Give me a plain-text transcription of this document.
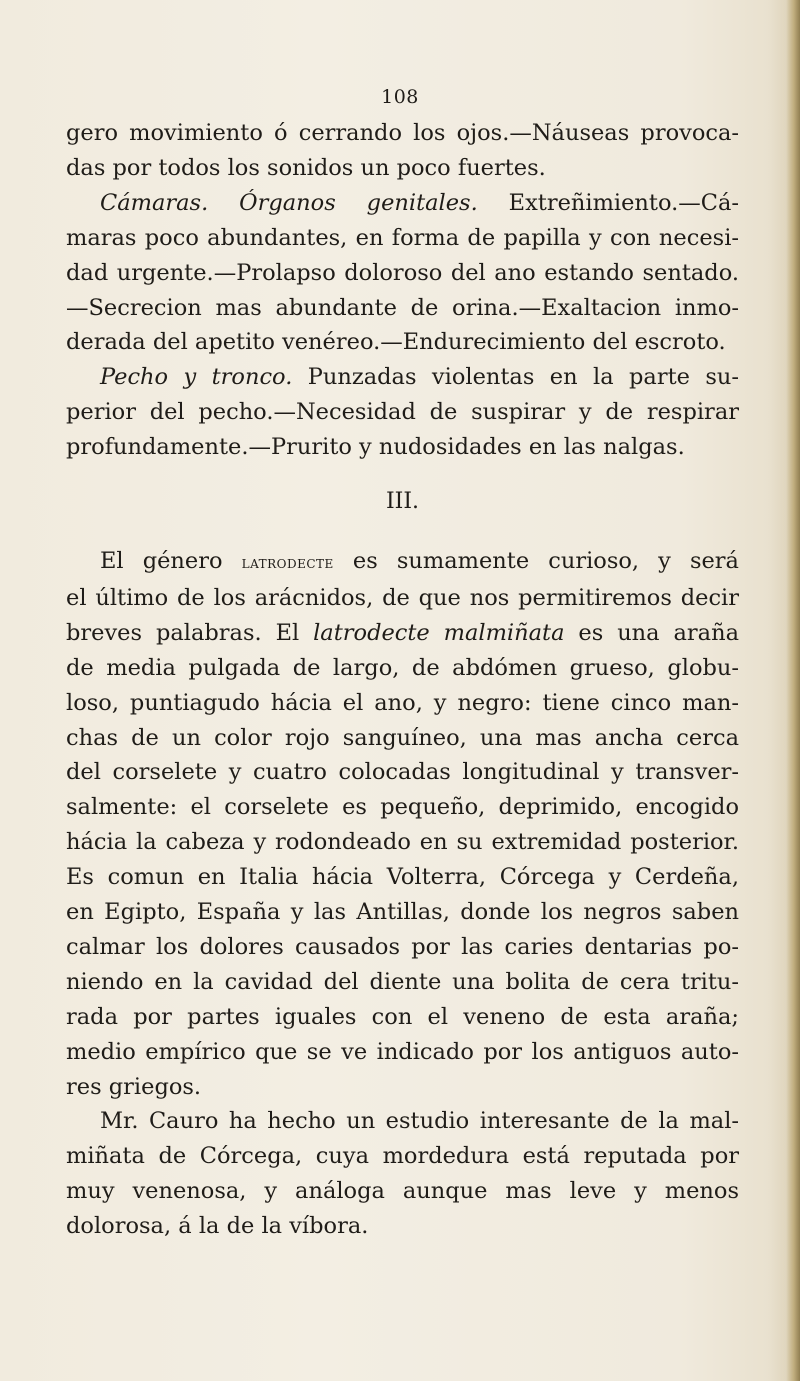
108
gero movimiento ó cerrando los ojos.—Náuseas provoca-
das por todos los sonidos un poco fuertes.
Cámaras. Órganos genitales. Extreñimiento.—Cá-
maras poco abundantes, en forma de papilla y con necesi-
dad urgente.—Prolapso doloroso del ano estando sentado.
—Secrecion mas abundante de orina.—Exaltacion inmo-
derada del apetito venéreo.—Endurecimiento del escroto.
Pecho y tronco. Punzadas violentas en la parte su-
perior del pecho.—Necesidad de suspirar y de respirar
profundamente.—Prurito y nudosidades en las nalgas.
III.
El género latrodecte es sumamente curioso, y será
el último de los arácnidos, de que nos permitiremos decir
breves palabras. El latrodecte malmiñata es una araña
de media pulgada de largo, de abdómen grueso, globu-
loso, puntiagudo hácia el ano, y negro: tiene cinco man-
chas de un color rojo sanguíneo, una mas ancha cerca
del corselete y cuatro colocadas longitudinal y transver-
salmente: el corselete es pequeño, deprimido, encogido
hácia la cabeza y rodondeado en su extremidad posterior.
Es comun en Italia hácia Volterra, Córcega y Cerdeña,
en Egipto, España y las Antillas, donde los negros saben
calmar los dolores causados por las caries dentarias po-
niendo en la cavidad del diente una bolita de cera tritu-
rada por partes iguales con el veneno de esta araña;
medio empírico que se ve indicado por los antiguos auto-
res griegos.
Mr. Cauro ha hecho un estudio interesante de la mal-
miñata de Córcega, cuya mordedura está reputada por
muy venenosa, y análoga aunque mas leve y menos
dolorosa, á la de la víbora.
